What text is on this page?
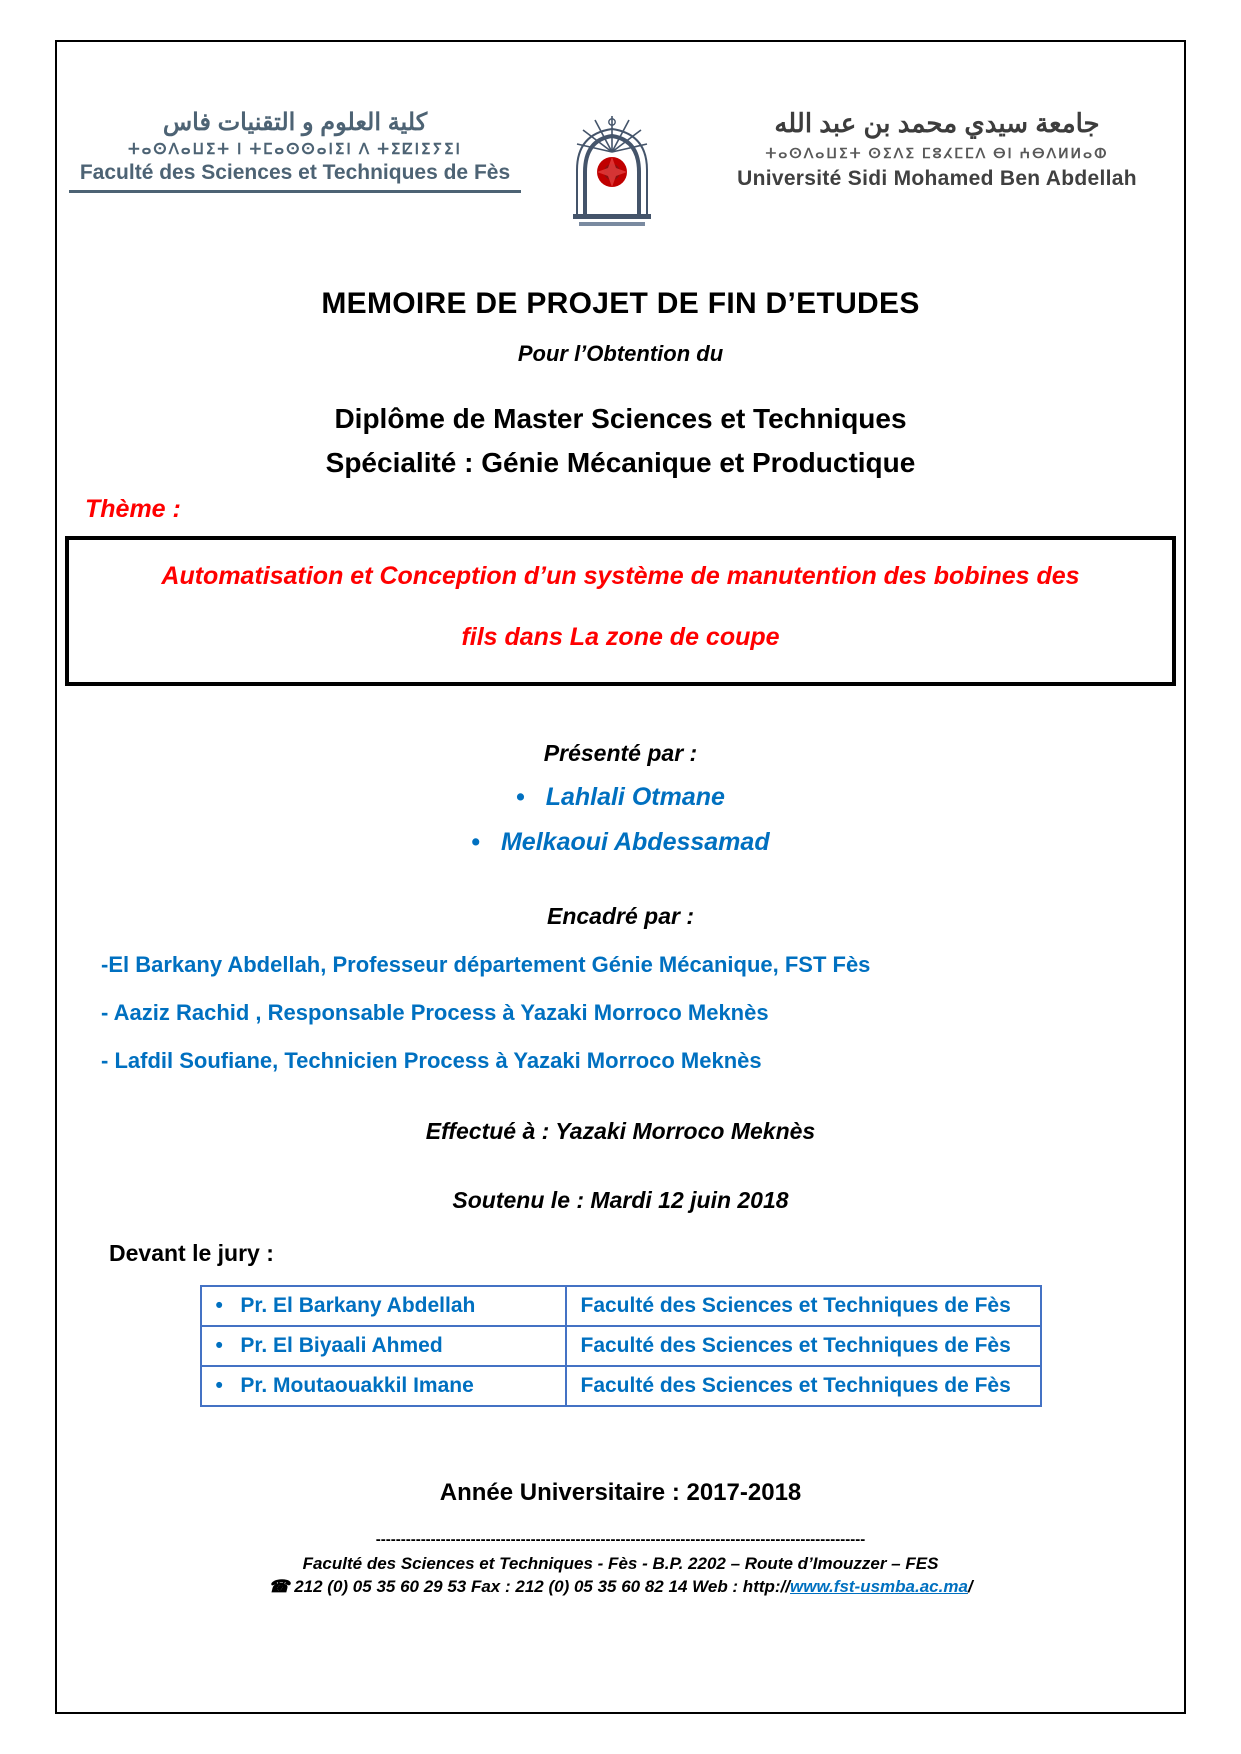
كلية العلوم و التقنيات فاس
ⵜⴰⵙⴷⴰⵡⵉⵜ ⵏ ⵜⵎⴰⵙⵙⴰⵏⵉⵏ ⴷ ⵜⵉⵇⵏⵉⵢⵉⵏ
Faculté des Sciences et Techniques de Fès
جامعة سيدي محمد بن عبد الله
ⵜⴰⵙⴷⴰⵡⵉⵜ ⵙⵉⴷⵉ ⵎⵓⵃⵎⵎⴷ ⴱⵏ ⵄⴱⴷⵍⵍⴰⵀ
Université Sidi Mohamed Ben Abdellah
MEMOIRE DE PROJET DE FIN D’ETUDES
Pour l’Obtention du
Diplôme de Master Sciences et Techniques
Spécialité : Génie Mécanique et Productique
Thème :
Automatisation et Conception d’un système de manutention des bobines des
fils dans La zone de coupe
Présenté par :
•   Lahlali Otmane
•   Melkaoui Abdessamad
Encadré par :
-El Barkany Abdellah, Professeur département Génie Mécanique, FST Fès
- Aaziz Rachid , Responsable Process à Yazaki Morroco Meknès
- Lafdil Soufiane, Technicien Process à Yazaki Morroco Meknès
Effectué à : Yazaki Morroco Meknès
Soutenu le : Mardi 12 juin 2018
Devant le jury :
•   Pr. El Barkany Abdellah	Faculté des Sciences et Techniques de Fès
•   Pr. El Biyaali Ahmed	Faculté des Sciences et Techniques de Fès
•   Pr. Moutaouakkil Imane	Faculté des Sciences et Techniques de Fès
Année Universitaire : 2017-2018
--------------------------------------------------------------------------------------------------
Faculté des Sciences et Techniques - Fès - B.P. 2202 – Route d’Imouzzer – FES
☎ 212 (0) 05 35 60 29 53 Fax : 212 (0) 05 35 60 82 14 Web : http://www.fst-usmba.ac.ma/
